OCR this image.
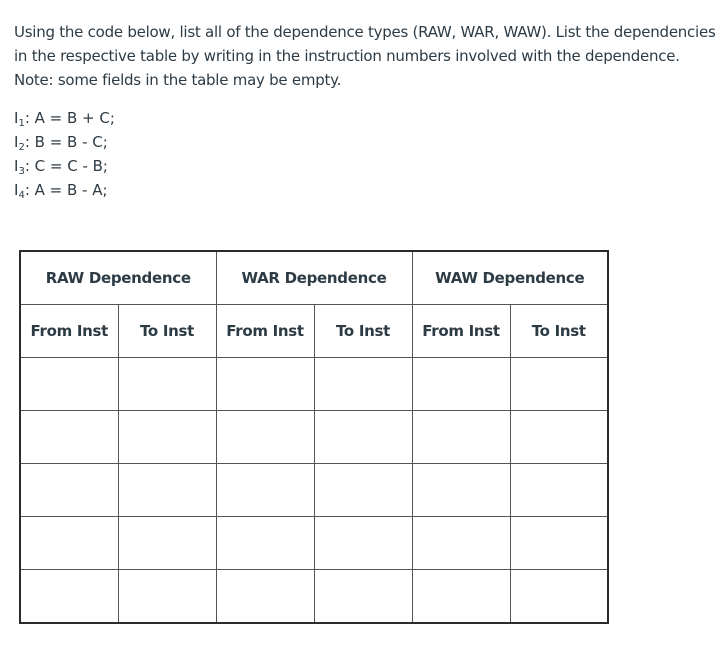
Using the code below, list all of the dependence types (RAW, WAR, WAW). List the dependencies in the respective table by writing in the instruction numbers involved with the dependence. Note: some fields in the table may be empty.

$I_1$: A = B + C;
$I_2$: B = B - C;
$I_3$: C = C - B;
$I_4$: A = B - A;
RAW Dependence		WAR Dependence		WAW Dependence	
From Inst	To Inst	From Inst	To Inst	From Inst	To Inst
